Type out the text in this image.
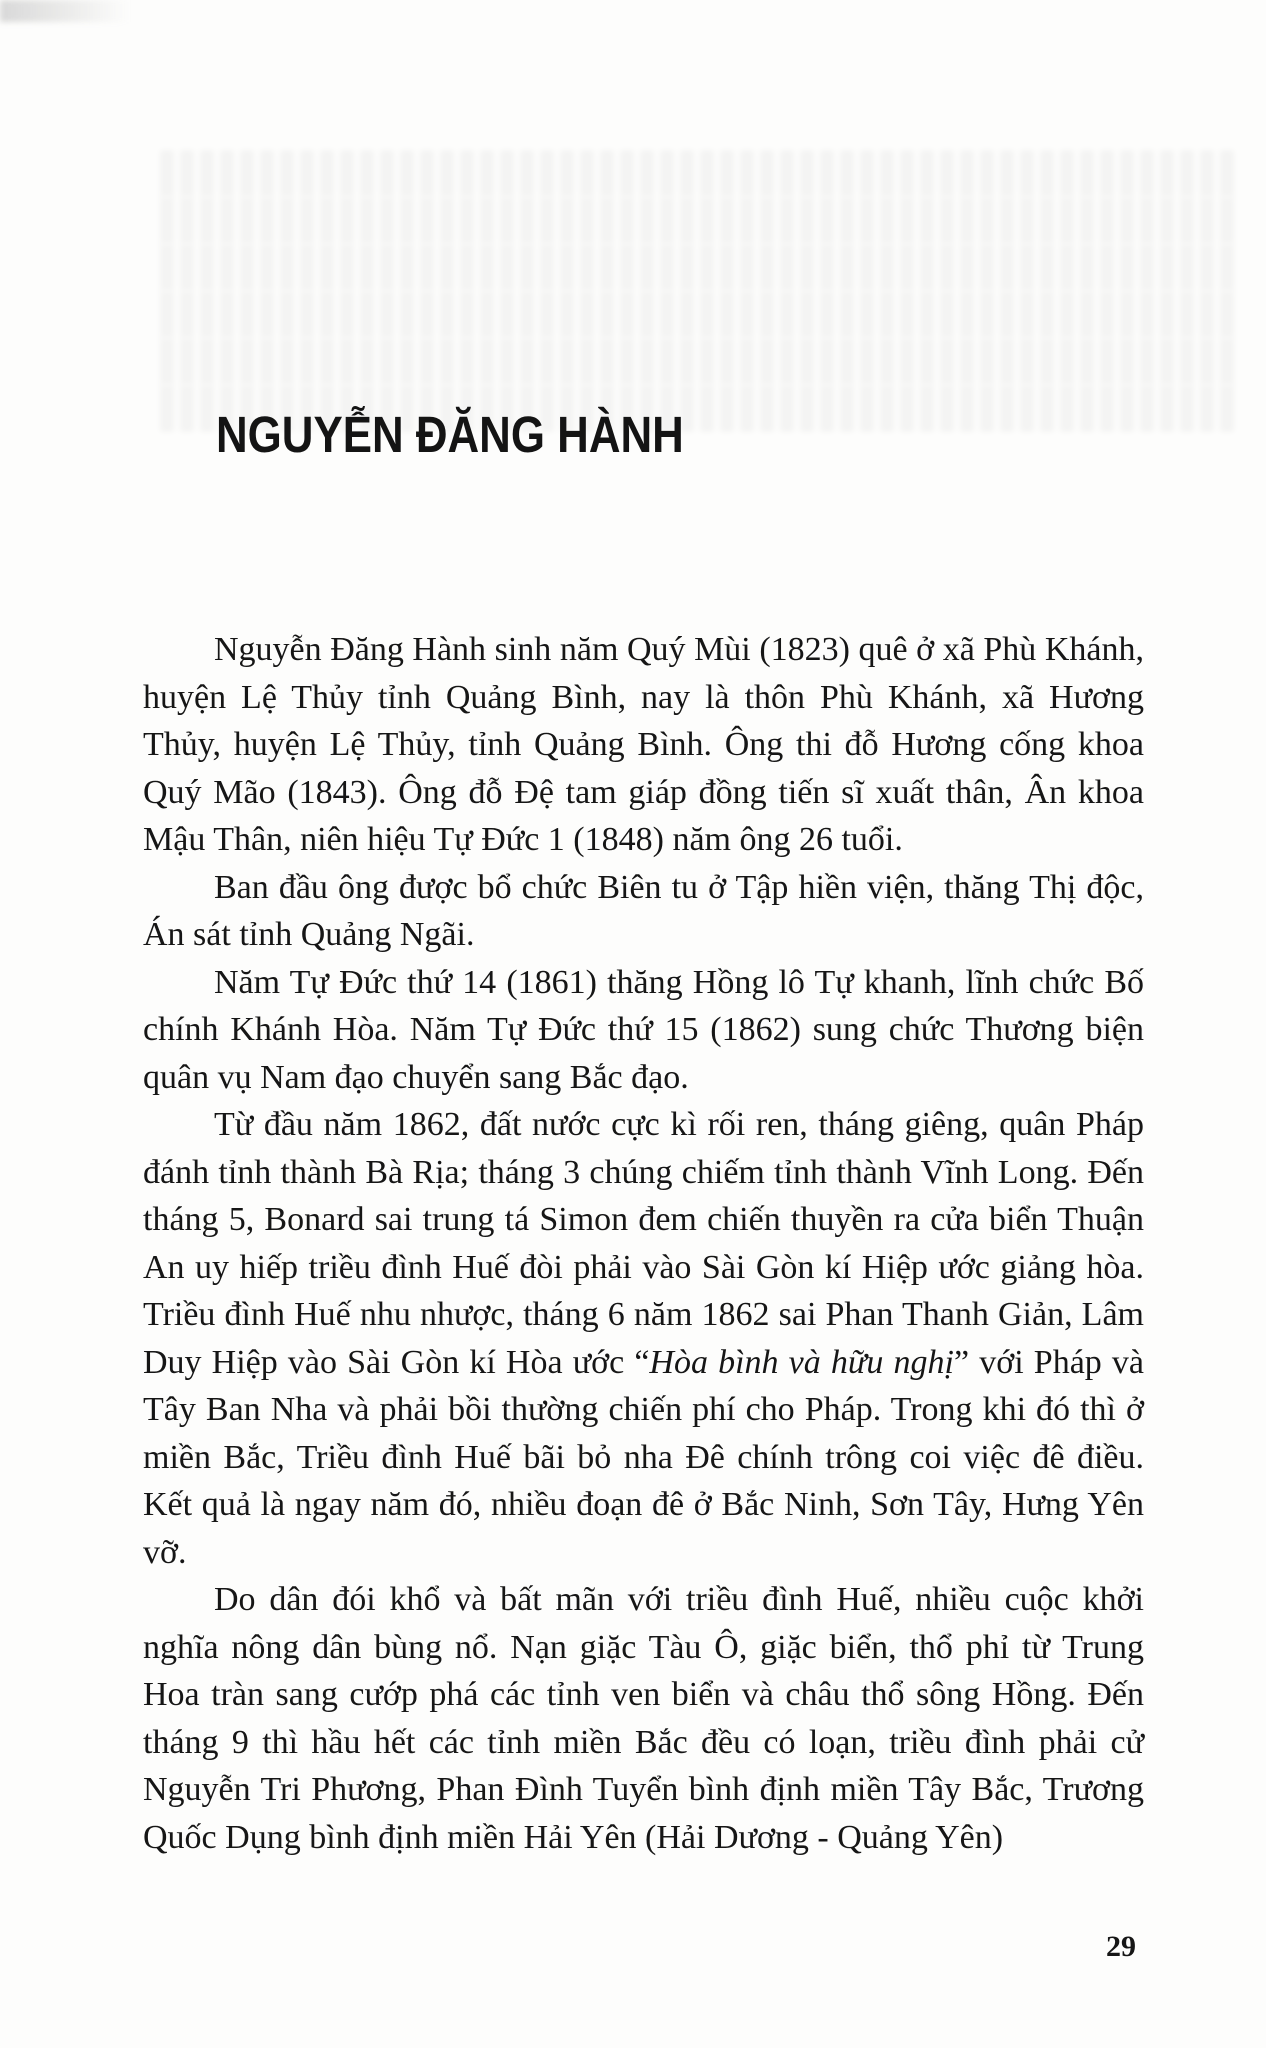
NGUYỄN ĐĂNG HÀNH

Nguyễn Đăng Hành sinh năm Quý Mùi (1823) quê ở xã Phù Khánh, huyện Lệ Thủy tỉnh Quảng Bình, nay là thôn Phù Khánh, xã Hương Thủy, huyện Lệ Thủy, tỉnh Quảng Bình. Ông thi đỗ Hương cống khoa Quý Mão (1843). Ông đỗ Đệ tam giáp đồng tiến sĩ xuất thân, Ân khoa Mậu Thân, niên hiệu Tự Đức 1 (1848) năm ông 26 tuổi.

Ban đầu ông được bổ chức Biên tu ở Tập hiền viện, thăng Thị độc, Án sát tỉnh Quảng Ngãi.

Năm Tự Đức thứ 14 (1861) thăng Hồng lô Tự khanh, lĩnh chức Bố chính Khánh Hòa. Năm Tự Đức thứ 15 (1862) sung chức Thương biện quân vụ Nam đạo chuyển sang Bắc đạo.

Từ đầu năm 1862, đất nước cực kì rối ren, tháng giêng, quân Pháp đánh tỉnh thành Bà Rịa; tháng 3 chúng chiếm tỉnh thành Vĩnh Long. Đến tháng 5, Bonard sai trung tá Simon đem chiến thuyền ra cửa biển Thuận An uy hiếp triều đình Huế đòi phải vào Sài Gòn kí Hiệp ước giảng hòa. Triều đình Huế nhu nhược, tháng 6 năm 1862 sai Phan Thanh Giản, Lâm Duy Hiệp vào Sài Gòn kí Hòa ước “Hòa bình và hữu nghị” với Pháp và Tây Ban Nha và phải bồi thường chiến phí cho Pháp. Trong khi đó thì ở miền Bắc, Triều đình Huế bãi bỏ nha Đê chính trông coi việc đê điều. Kết quả là ngay năm đó, nhiều đoạn đê ở Bắc Ninh, Sơn Tây, Hưng Yên vỡ.

Do dân đói khổ và bất mãn với triều đình Huế, nhiều cuộc khởi nghĩa nông dân bùng nổ. Nạn giặc Tàu Ô, giặc biển, thổ phỉ từ Trung Hoa tràn sang cướp phá các tỉnh ven biển và châu thổ sông Hồng. Đến tháng 9 thì hầu hết các tỉnh miền Bắc đều có loạn, triều đình phải cử Nguyễn Tri Phương, Phan Đình Tuyển bình định miền Tây Bắc, Trương Quốc Dụng bình định miền Hải Yên (Hải Dương - Quảng Yên)

29
